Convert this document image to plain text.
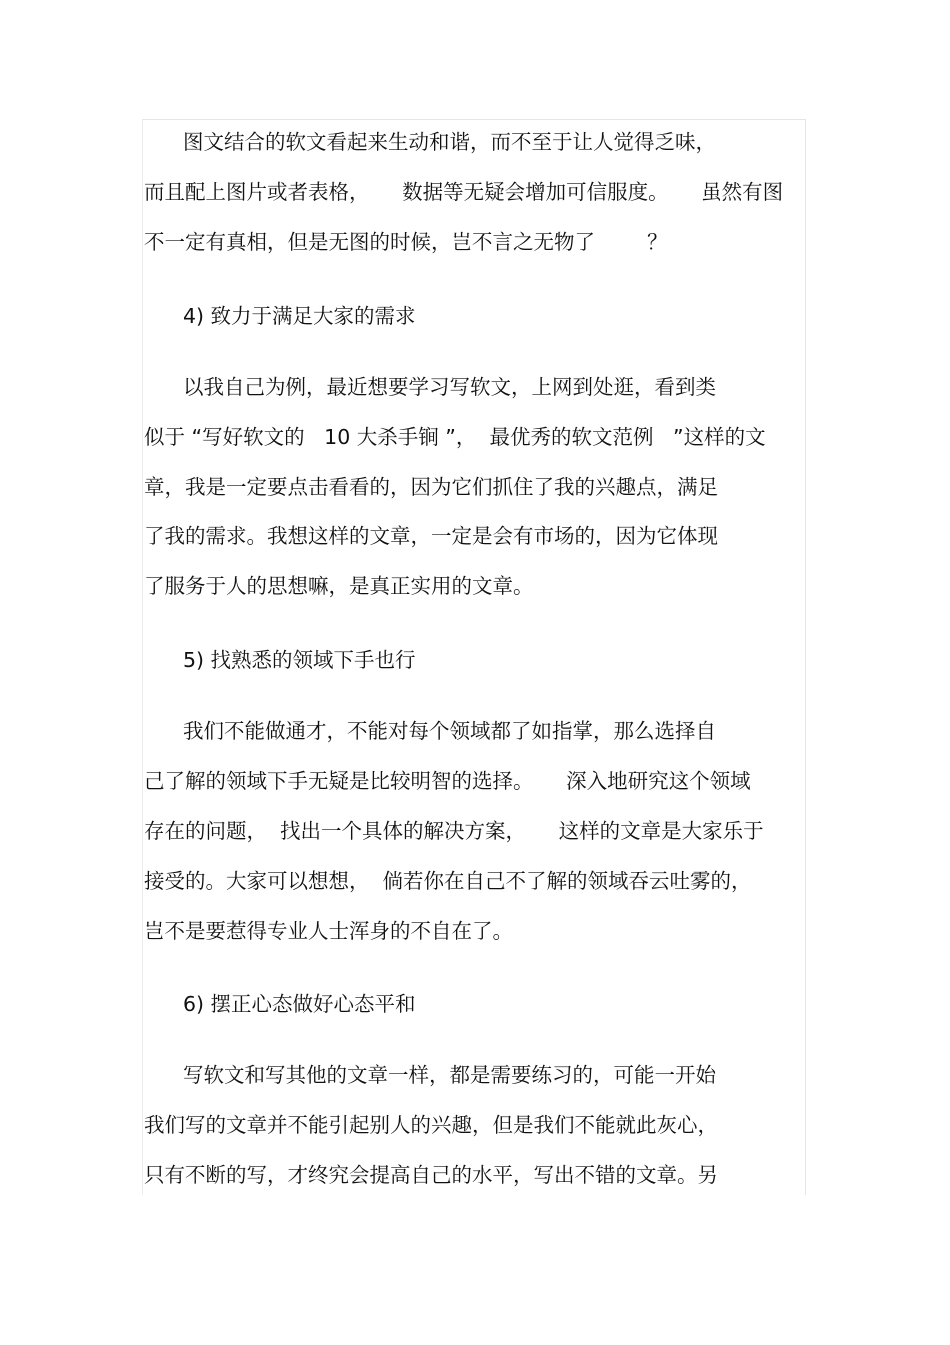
图文结合的软文看起来生动和谐，而不至于让人觉得乏味，
而且配上图片或者表格，     数据等无疑会增加可信服度。     虽然有图
不一定有真相，但是无图的时候，岂不言之无物了        ？
4) 致力于满足大家的需求
以我自己为例，最近想要学习写软文，上网到处逛，看到类
似于 “写好软文的   10 大杀手锏 ”，  最优秀的软文范例   ”这样的文
章，我是一定要点击看看的，因为它们抓住了我的兴趣点，满足
了我的需求。我想这样的文章，一定是会有市场的，因为它体现
了服务于人的思想嘛，是真正实用的文章。
5) 找熟悉的领域下手也行
我们不能做通才，不能对每个领域都了如指掌，那么选择自
己了解的领域下手无疑是比较明智的选择。     深入地研究这个领域
存在的问题，  找出一个具体的解决方案，     这样的文章是大家乐于
接受的。大家可以想想，  倘若你在自己不了解的领域吞云吐雾的，
岂不是要惹得专业人士浑身的不自在了。
6) 摆正心态做好心态平和
写软文和写其他的文章一样，都是需要练习的，可能一开始
我们写的文章并不能引起别人的兴趣，但是我们不能就此灰心，
只有不断的写，才终究会提高自己的水平，写出不错的文章。另
